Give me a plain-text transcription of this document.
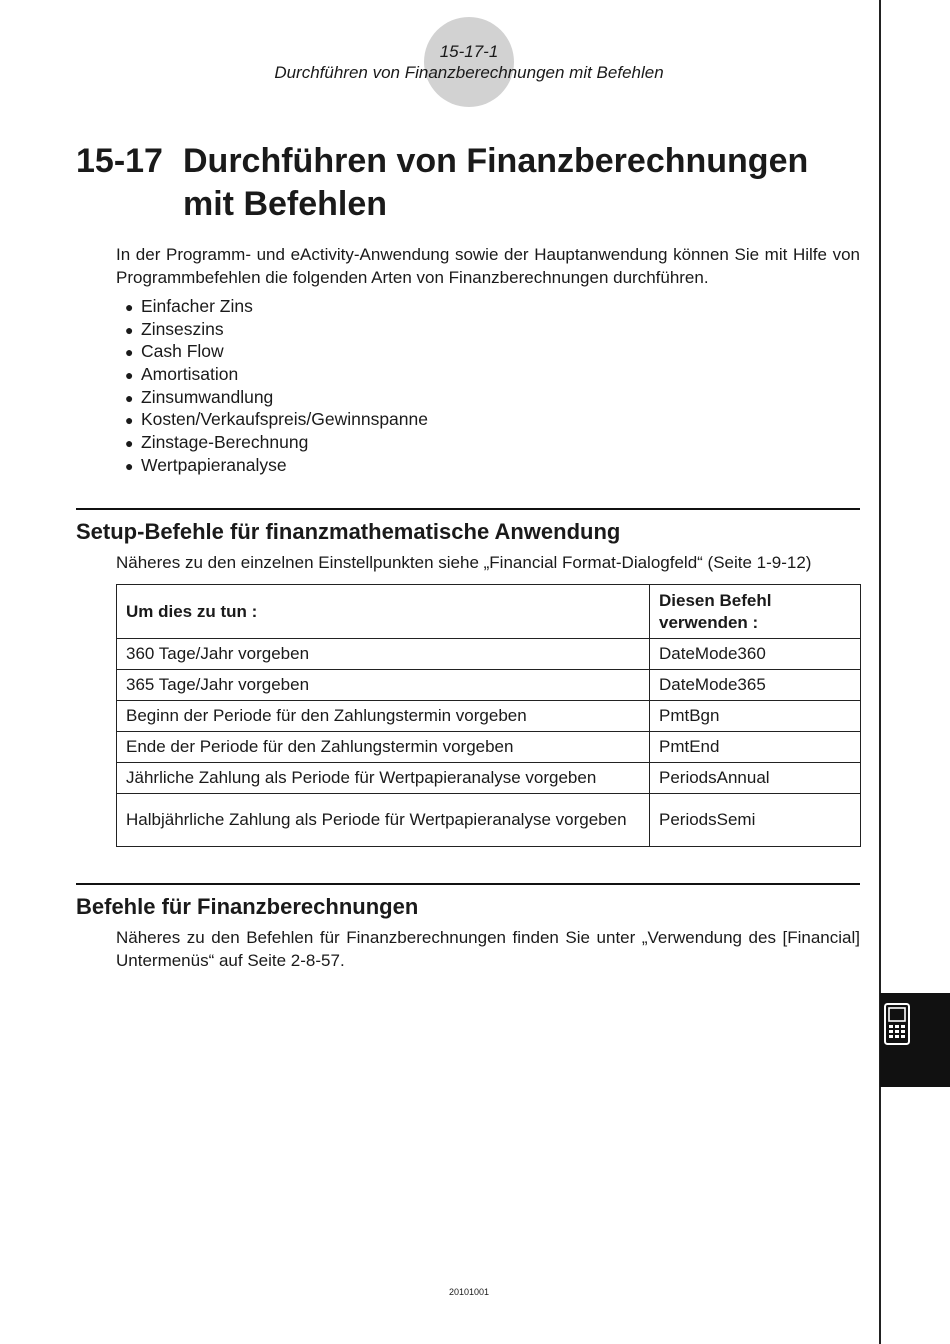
15-17-1
Durchführen von Finanzberechnungen mit Befehlen
15-17 Durchführen von Finanzberechnungen
mit Befehlen
In der Programm- und eActivity-Anwendung sowie der Hauptanwendung können Sie mit Hilfe von Programmbefehlen die folgenden Arten von Finanzberechnungen durchführen.
● Einfacher Zins
● Zinseszins
● Cash Flow
● Amortisation
● Zinsumwandlung
● Kosten/Verkaufspreis/Gewinnspanne
● Zinstage-Berechnung
● Wertpapieranalyse
Setup-Befehle für finanzmathematische Anwendung
Näheres zu den einzelnen Einstellpunkten siehe „Financial Format-Dialogfeld“ (Seite 1-9-12)
Um dies zu tun :	Diesen Befehl verwenden :
360 Tage/Jahr vorgeben	DateMode360
365 Tage/Jahr vorgeben	DateMode365
Beginn der Periode für den Zahlungstermin vorgeben	PmtBgn
Ende der Periode für den Zahlungstermin vorgeben	PmtEnd
Jährliche Zahlung als Periode für Wertpapieranalyse vorgeben	PeriodsAnnual
Halbjährliche Zahlung als Periode für Wertpapieranalyse vorgeben	PeriodsSemi
Befehle für Finanzberechnungen
Näheres zu den Befehlen für Finanzberechnungen finden Sie unter „Verwendung des [Financial] Untermenüs“ auf Seite 2-8-57.
20101001
